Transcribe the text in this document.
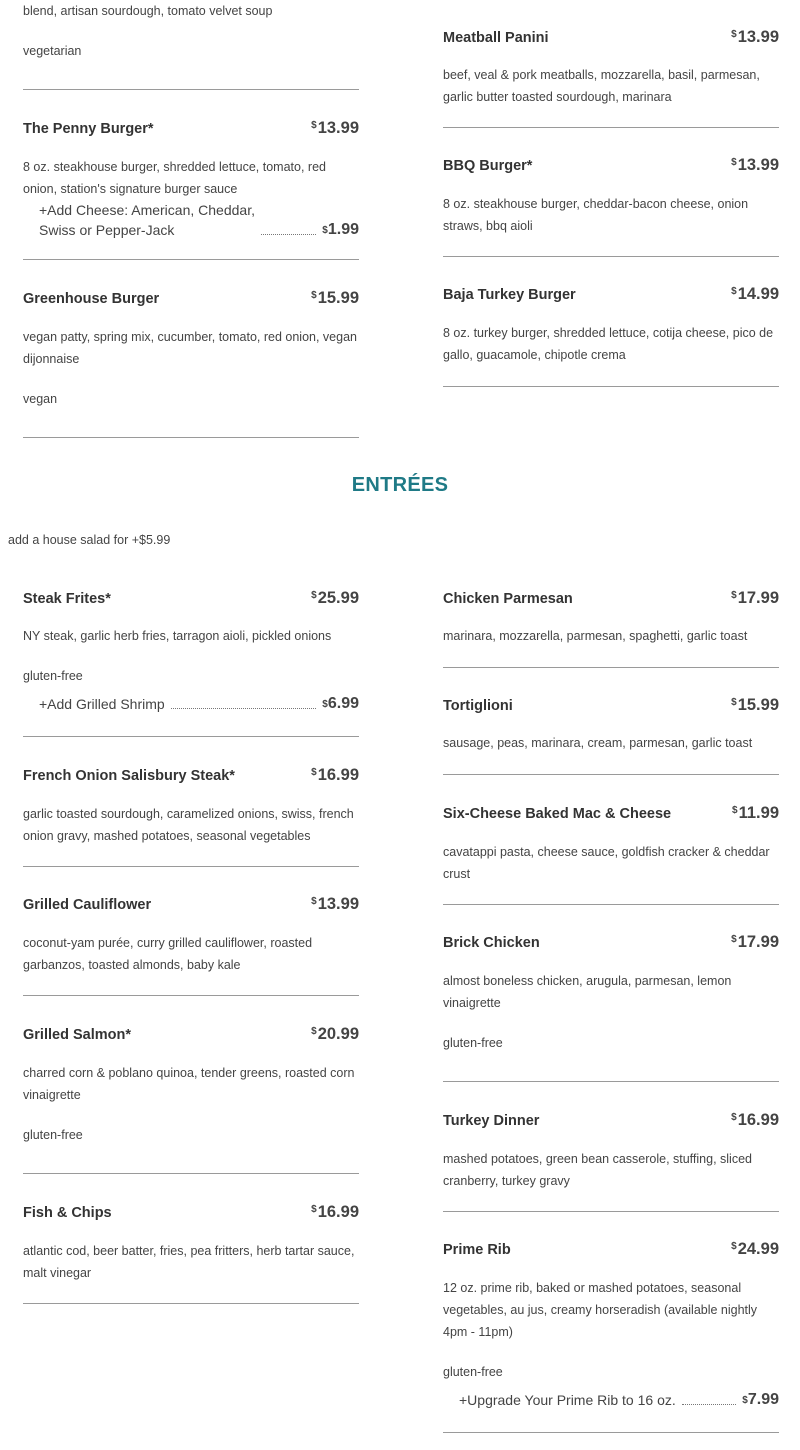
blend, artisan sourdough, tomato velvet soup
vegetarian
The Penny Burger*	$13.99
8 oz. steakhouse burger, shredded lettuce, tomato, red onion, station's signature burger sauce
+Add Cheese: American, Cheddar,
Swiss or Pepper-Jack	$1.99
Greenhouse Burger	$15.99
vegan patty, spring mix, cucumber, tomato, red onion, vegan dijonnaise
vegan
Meatball Panini	$13.99
beef, veal & pork meatballs, mozzarella, basil, parmesan, garlic butter toasted sourdough, marinara
BBQ Burger*	$13.99
8 oz. steakhouse burger, cheddar-bacon cheese, onion straws, bbq aioli
Baja Turkey Burger	$14.99
8 oz. turkey burger, shredded lettuce, cotija cheese, pico de gallo, guacamole, chipotle crema
ENTRÉES
add a house salad for +$5.99
Steak Frites*	$25.99
NY steak, garlic herb fries, tarragon aioli, pickled onions
gluten-free
+Add Grilled Shrimp	$6.99
French Onion Salisbury Steak*	$16.99
garlic toasted sourdough, caramelized onions, swiss, french onion gravy, mashed potatoes, seasonal vegetables
Grilled Cauliflower	$13.99
coconut-yam purée, curry grilled cauliflower, roasted garbanzos, toasted almonds, baby kale
Grilled Salmon*	$20.99
charred corn & poblano quinoa, tender greens, roasted corn vinaigrette
gluten-free
Fish & Chips	$16.99
atlantic cod, beer batter, fries, pea fritters, herb tartar sauce, malt vinegar
Chicken Parmesan	$17.99
marinara, mozzarella, parmesan, spaghetti, garlic toast
Tortiglioni	$15.99
sausage, peas, marinara, cream, parmesan, garlic toast
Six-Cheese Baked Mac & Cheese	$11.99
cavatappi pasta, cheese sauce, goldfish cracker & cheddar crust
Brick Chicken	$17.99
almost boneless chicken, arugula, parmesan, lemon vinaigrette
gluten-free
Turkey Dinner	$16.99
mashed potatoes, green bean casserole, stuffing, sliced cranberry, turkey gravy
Prime Rib	$24.99
12 oz. prime rib, baked or mashed potatoes, seasonal vegetables, au jus, creamy horseradish (available nightly 4pm - 11pm)
gluten-free
+Upgrade Your Prime Rib to 16 oz.	$7.99
